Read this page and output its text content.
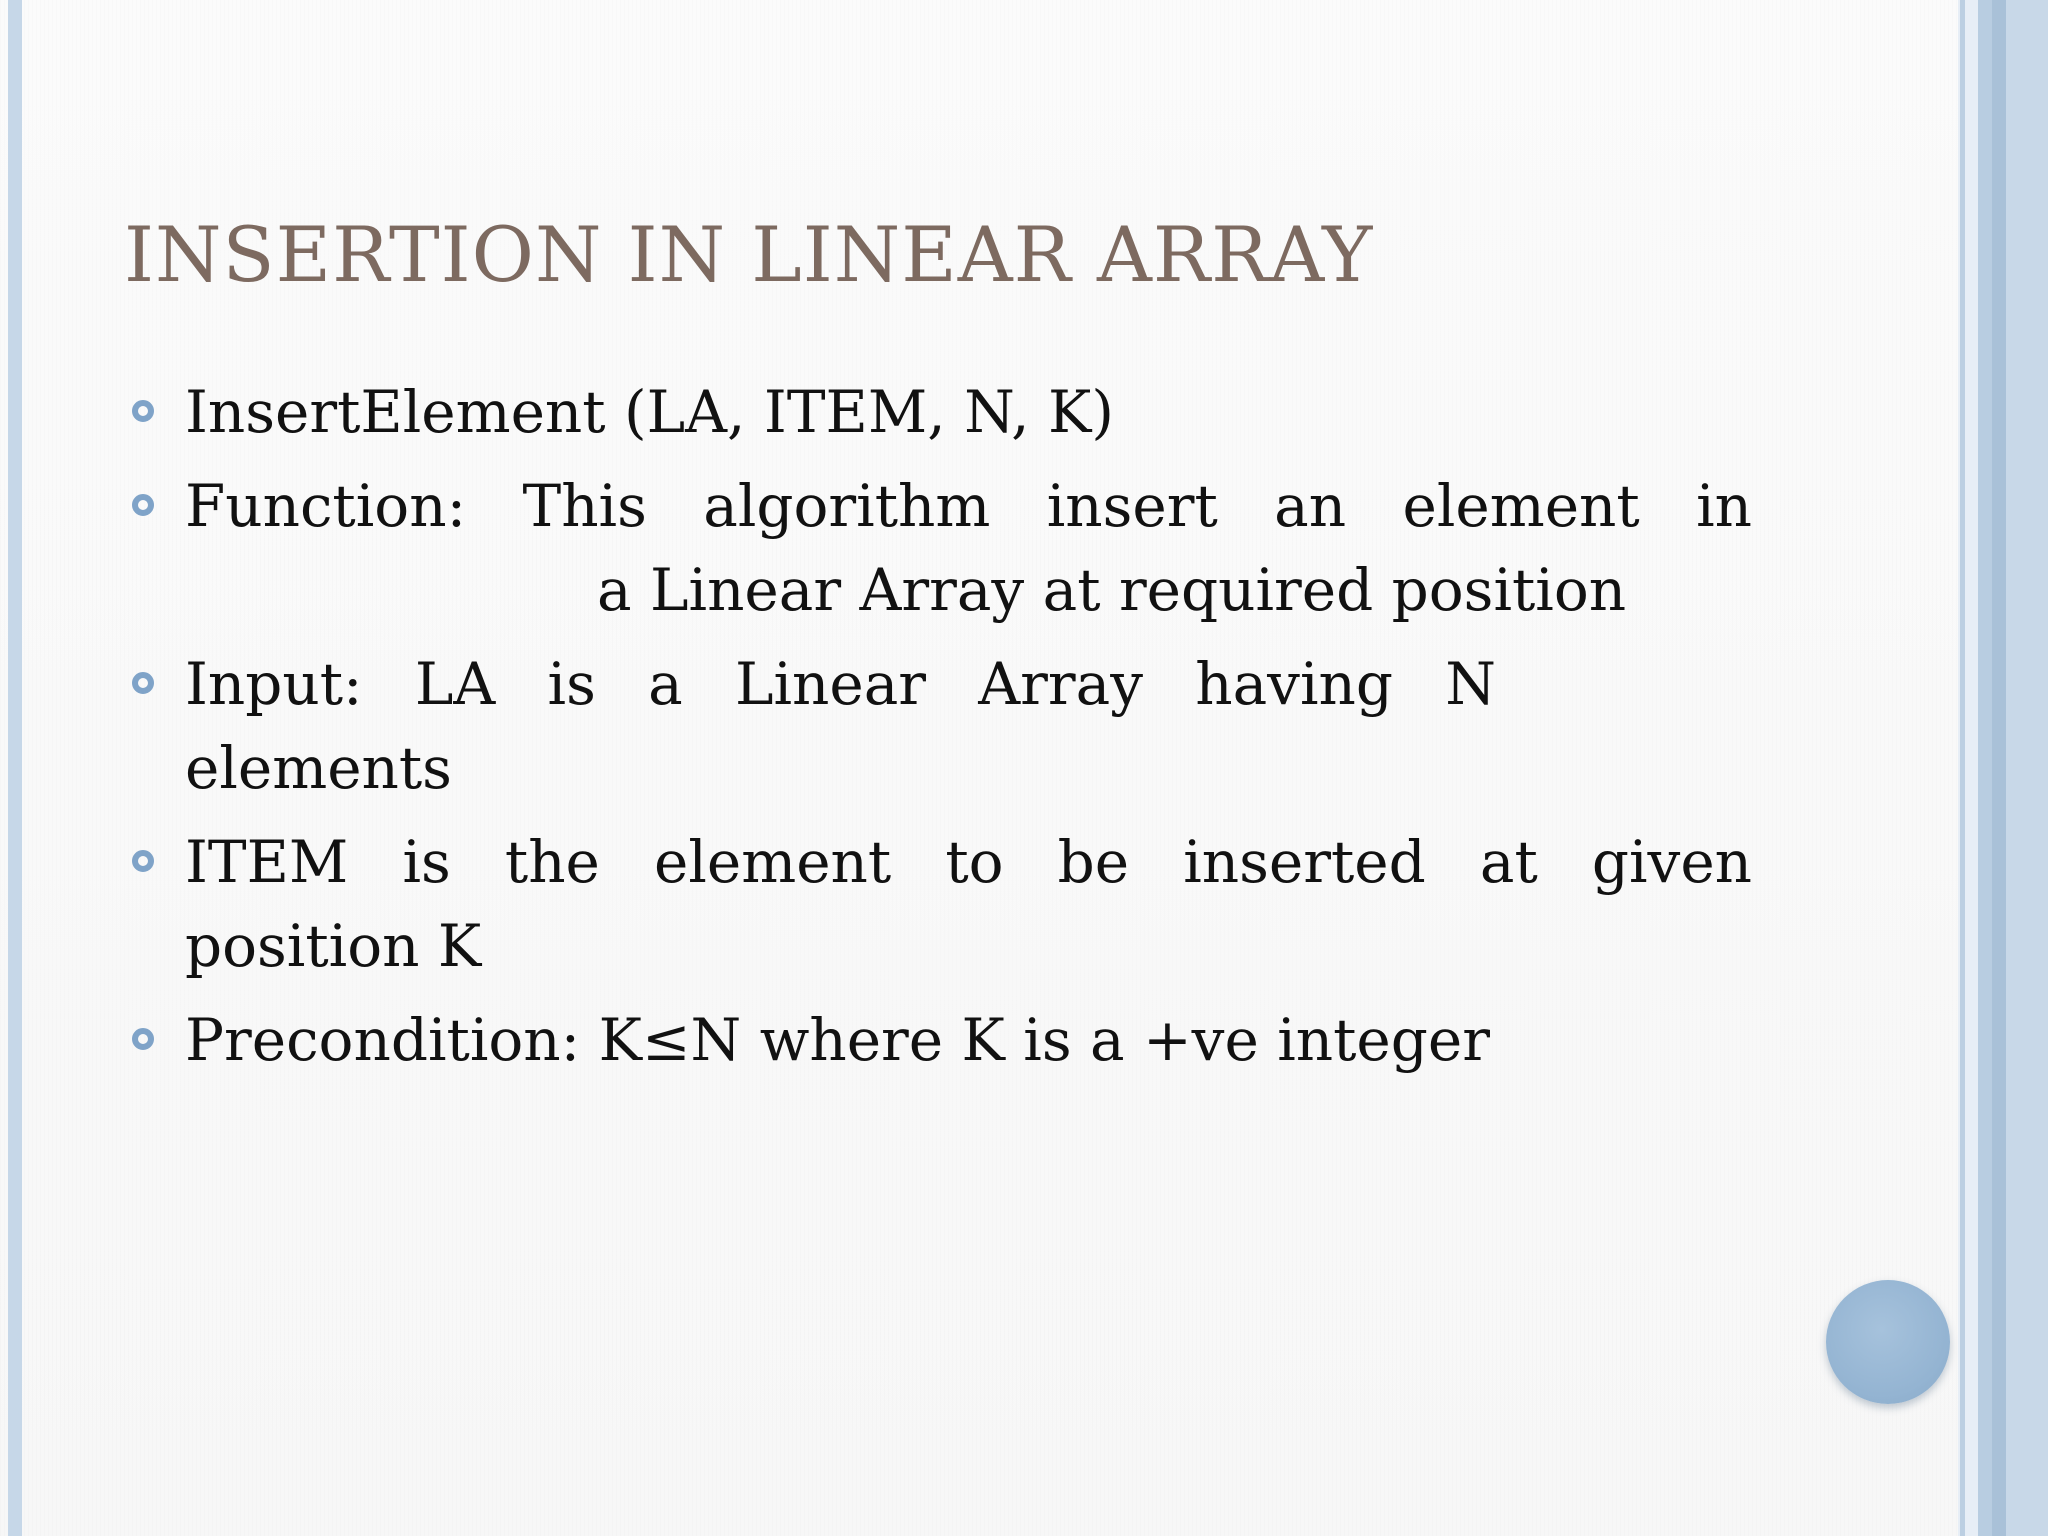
INSERTION IN LINEAR ARRAY
InsertElement (LA, ITEM, N, K)
Function: This algorithm insert an element in
a Linear Array at required position
Input: LA is a Linear Array having N
elements
ITEM is the element to be inserted at given
position K
Precondition: K≤N where K is a +ve integer
